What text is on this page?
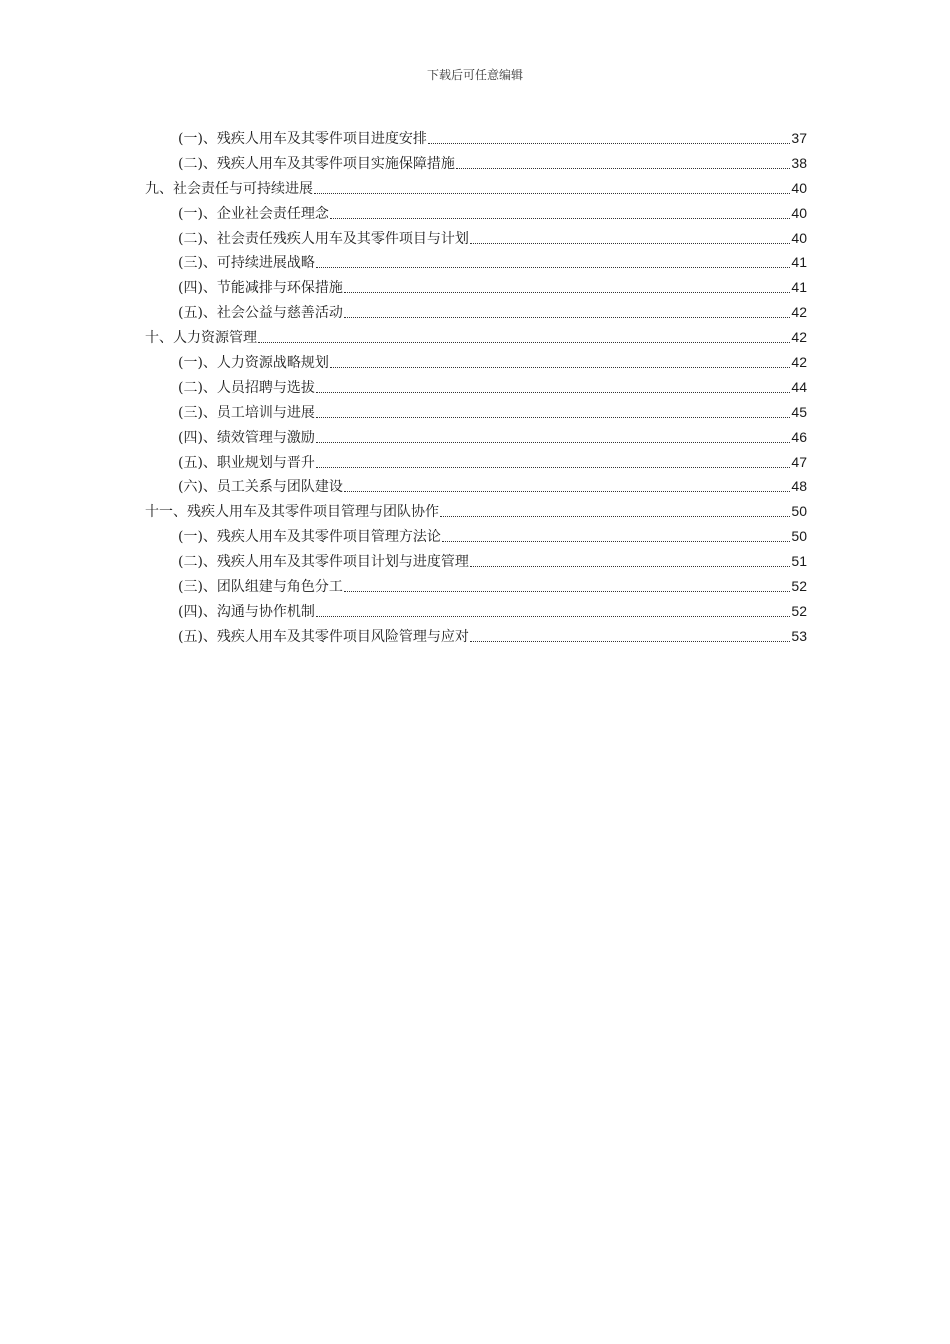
下载后可任意编辑
(一)、残疾人用车及其零件项目进度安排	37
(二)、残疾人用车及其零件项目实施保障措施	38
九、社会责任与可持续进展	40
(一)、企业社会责任理念	40
(二)、社会责任残疾人用车及其零件项目与计划	40
(三)、可持续进展战略	41
(四)、节能减排与环保措施	41
(五)、社会公益与慈善活动	42
十、人力资源管理	42
(一)、人力资源战略规划	42
(二)、人员招聘与选拔	44
(三)、员工培训与进展	45
(四)、绩效管理与激励	46
(五)、职业规划与晋升	47
(六)、员工关系与团队建设	48
十一、残疾人用车及其零件项目管理与团队协作	50
(一)、残疾人用车及其零件项目管理方法论	50
(二)、残疾人用车及其零件项目计划与进度管理	51
(三)、团队组建与角色分工	52
(四)、沟通与协作机制	52
(五)、残疾人用车及其零件项目风险管理与应对	53
